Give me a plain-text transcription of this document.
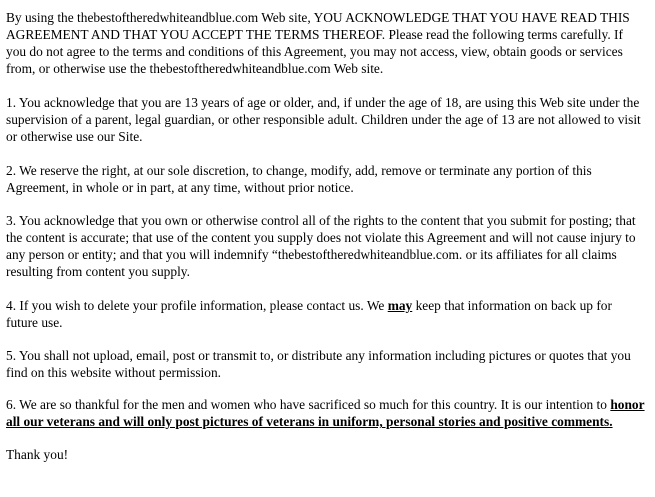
By using the thebestoftheredwhiteandblue.com Web site, YOU ACKNOWLEDGE THAT YOU HAVE READ THIS AGREEMENT AND THAT YOU ACCEPT THE TERMS THEREOF. Please read the following terms carefully. If you do not agree to the terms and conditions of this Agreement, you may not access, view, obtain goods or services from, or otherwise use the thebestoftheredwhiteandblue.com Web site.

1. You acknowledge that you are 13 years of age or older, and, if under the age of 18, are using this Web site under the supervision of a parent, legal guardian, or other responsible adult. Children under the age of 13 are not allowed to visit or otherwise use our Site.

2. We reserve the right, at our sole discretion, to change, modify, add, remove or terminate any portion of this Agreement, in whole or in part, at any time, without prior notice.

3. You acknowledge that you own or otherwise control all of the rights to the content that you submit for posting; that the content is accurate; that use of the content you supply does not violate this Agreement and will not cause injury to any person or entity; and that you will indemnify “thebestoftheredwhiteandblue.com. or its affiliates for all claims resulting from content you supply.

4. If you wish to delete your profile information, please contact us. We may keep that information on back up for future use.

5. You shall not upload, email, post or transmit to, or distribute any information including pictures or quotes that you find on this website without permission.

6. We are so thankful for the men and women who have sacrificed so much for this country. It is our intention to honor all our veterans and will only post pictures of veterans in uniform, personal stories and positive comments.

Thank you!
